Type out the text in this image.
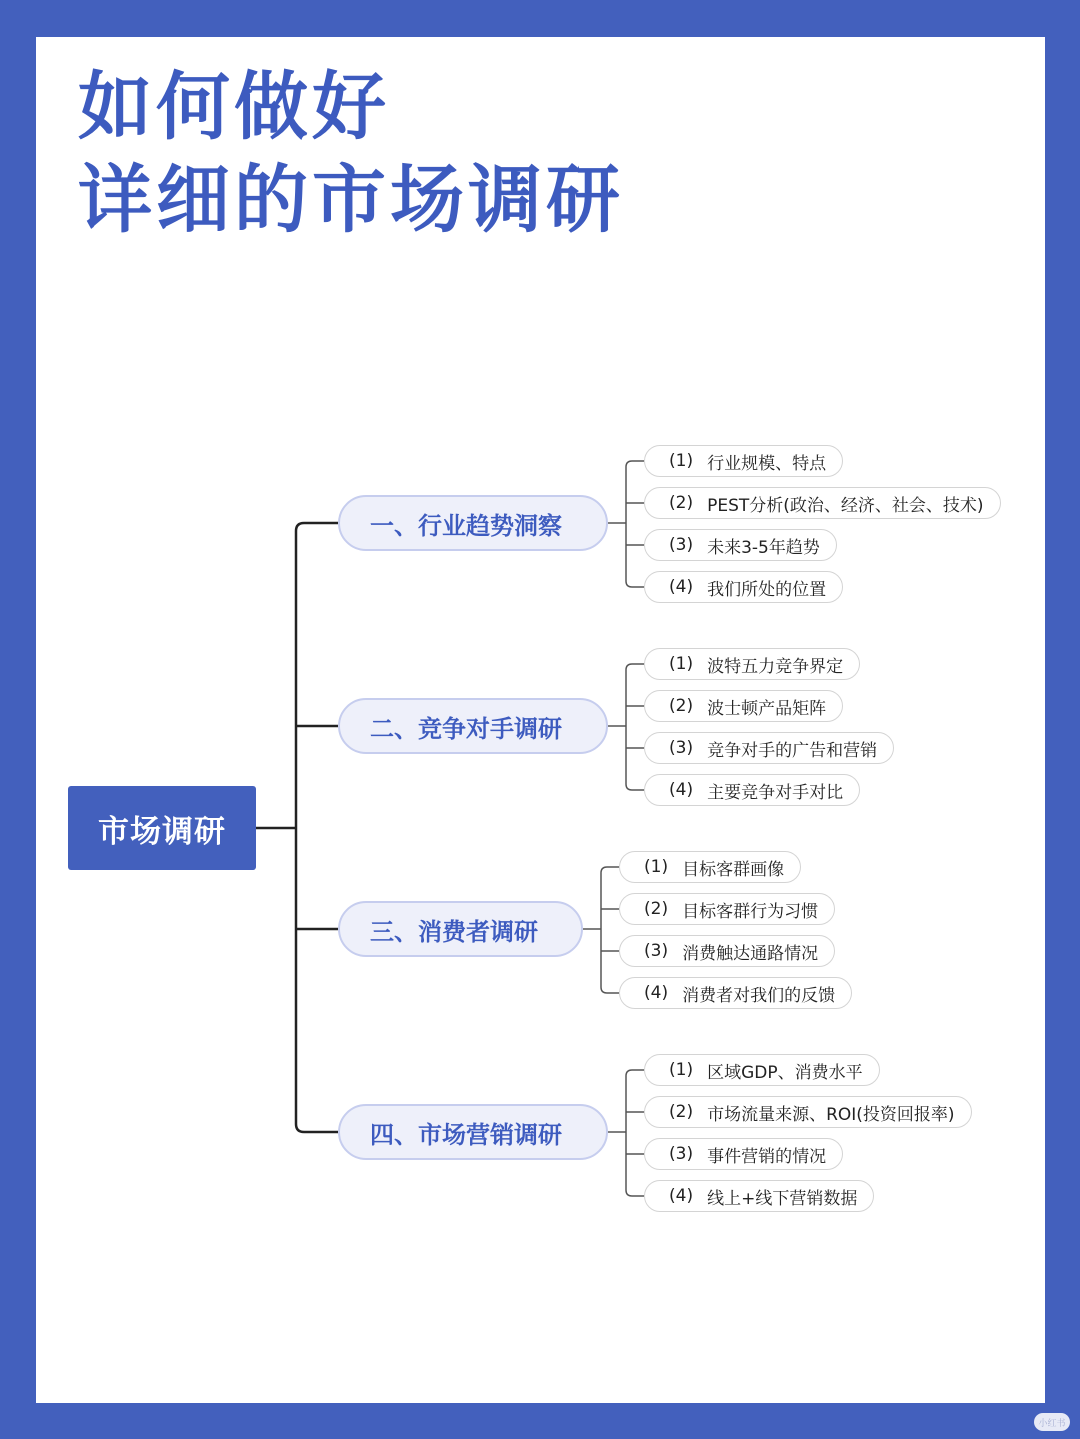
如何做好
详细的市场调研
市场调研
一、行业趋势洞察
(1) 行业规模、特点
(2) PEST分析(政治、经济、社会、技术)
(3) 未来3-5年趋势
(4) 我们所处的位置
二、竞争对手调研
(1) 波特五力竞争界定
(2) 波士顿产品矩阵
(3) 竞争对手的广告和营销
(4) 主要竞争对手对比
三、消费者调研
(1) 目标客群画像
(2) 目标客群行为习惯
(3) 消费触达通路情况
(4) 消费者对我们的反馈
四、市场营销调研
(1) 区域GDP、消费水平
(2) 市场流量来源、ROI(投资回报率)
(3) 事件营销的情况
(4) 线上+线下营销数据
小红书
